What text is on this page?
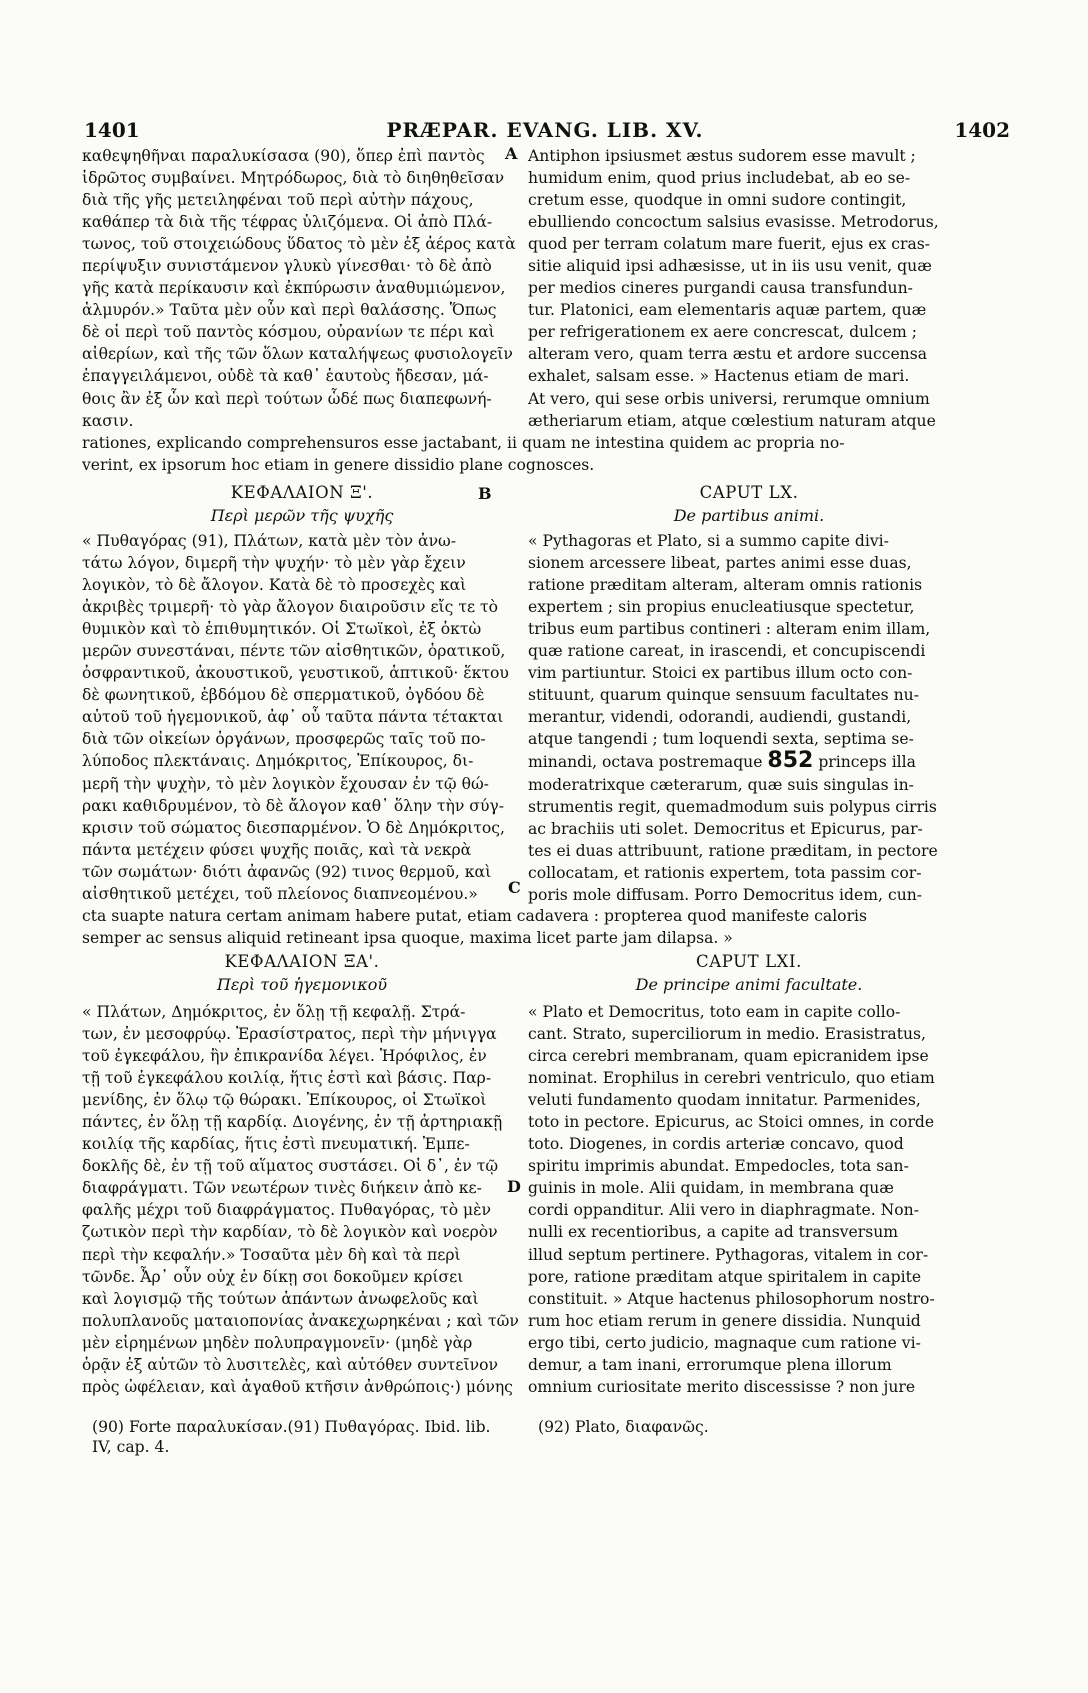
1401	PRÆPAR. EVANG. LIB. XV.	1402
A
B
C
D
καθεψηθῆναι παραλυκίσασα (90), ὅπερ ἐπὶ παντὸς
ἱδρῶτος συμβαίνει. Μητρόδωρος, διὰ τὸ διηθηθεῖσαν
διὰ τῆς γῆς μετειληφέναι τοῦ περὶ αὐτὴν πάχους,
καθάπερ τὰ διὰ τῆς τέφρας ὑλιζόμενα. Οἱ ἀπὸ Πλά-
τωνος, τοῦ στοιχειώδους ὕδατος τὸ μὲν ἐξ ἀέρος κατὰ
περίψυξιν συνιστάμενον γλυκὺ γίνεσθαι· τὸ δὲ ἀπὸ
γῆς κατὰ περίκαυσιν καὶ ἐκπύρωσιν ἀναθυμιώμενον,
ἁλμυρόν.» Ταῦτα μὲν οὖν καὶ περὶ θαλάσσης. Ὅπως
δὲ οἱ περὶ τοῦ παντὸς κόσμου, οὐρανίων τε πέρι καὶ
αἰθερίων, καὶ τῆς τῶν ὅλων καταλήψεως φυσιολογεῖν
ἐπαγγειλάμενοι, οὐδὲ τὰ καθ᾽ ἑαυτοὺς ἤδεσαν, μά-
θοις ἂν ἐξ ὧν καὶ περὶ τούτων ὧδέ πως διαπεφωνή-
κασιν.
Antiphon ipsiusmet æstus sudorem esse mavult ;
humidum enim, quod prius includebat, ab eo se-
cretum esse, quodque in omni sudore contingit,
ebulliendo concoctum salsius evasisse. Metrodorus,
quod per terram colatum mare fuerit, ejus ex cras-
sitie aliquid ipsi adhæsisse, ut in iis usu venit, quæ
per medios cineres purgandi causa transfundun-
tur. Platonici, eam elementaris aquæ partem, quæ
per refrigerationem ex aere concrescat, dulcem ;
alteram vero, quam terra æstu et ardore succensa
exhalet, salsam esse. » Hactenus etiam de mari.
At vero, qui sese orbis universi, rerumque omnium
ætheriarum etiam, atque cœlestium naturam atque
rationes, explicando comprehensuros esse jactabant, ii quam ne intestina quidem ac propria no-
verint, ex ipsorum hoc etiam in genere dissidio plane cognosces.
ΚΕΦΑΛΑΙΟΝ Ξ'.
Περὶ μερῶν τῆς ψυχῆς
CAPUT LX.
De partibus animi.
« Πυθαγόρας (91), Πλάτων, κατὰ μὲν τὸν ἀνω-
τάτω λόγον, διμερῆ τὴν ψυχήν· τὸ μὲν γὰρ ἔχειν
λογικὸν, τὸ δὲ ἄλογον. Κατὰ δὲ τὸ προσεχὲς καὶ
ἀκριβὲς τριμερῆ· τὸ γὰρ ἄλογον διαιροῦσιν εἴς τε τὸ
θυμικὸν καὶ τὸ ἐπιθυμητικόν. Οἱ Στωϊκοὶ, ἐξ ὀκτὼ
μερῶν συνεστάναι, πέντε τῶν αἰσθητικῶν, ὁρατικοῦ,
ὀσφραντικοῦ, ἀκουστικοῦ, γευστικοῦ, ἁπτικοῦ· ἕκτου
δὲ φωνητικοῦ, ἑβδόμου δὲ σπερματικοῦ, ὀγδόου δὲ
αὐτοῦ τοῦ ἡγεμονικοῦ, ἀφ᾽ οὗ ταῦτα πάντα τέτακται
διὰ τῶν οἰκείων ὀργάνων, προσφερῶς ταῖς τοῦ πο-
λύποδος πλεκτάναις. Δημόκριτος, Ἐπίκουρος, δι-
μερῆ τὴν ψυχὴν, τὸ μὲν λογικὸν ἔχουσαν ἐν τῷ θώ-
ρακι καθιδρυμένον, τὸ δὲ ἄλογον καθ᾽ ὅλην τὴν σύγ-
κρισιν τοῦ σώματος διεσπαρμένον. Ὁ δὲ Δημόκριτος,
πάντα μετέχειν φύσει ψυχῆς ποιᾶς, καὶ τὰ νεκρὰ
τῶν σωμάτων· διότι ἀφανῶς (92) τινος θερμοῦ, καὶ
αἰσθητικοῦ μετέχει, τοῦ πλείονος διαπνεομένου.»
« Pythagoras et Plato, si a summo capite divi-
sionem arcessere libeat, partes animi esse duas,
ratione præditam alteram, alteram omnis rationis
expertem ; sin propius enucleatiusque spectetur,
tribus eum partibus contineri : alteram enim illam,
quæ ratione careat, in irascendi, et concupiscendi
vim partiuntur. Stoici ex partibus illum octo con-
stituunt, quarum quinque sensuum facultates nu-
merantur, videndi, odorandi, audiendi, gustandi,
atque tangendi ; tum loquendi sexta, septima se-
minandi, octava postremaque 852 princeps illa
moderatrixque cæterarum, quæ suis singulas in-
strumentis regit, quemadmodum suis polypus cirris
ac brachiis uti solet. Democritus et Epicurus, par-
tes ei duas attribuunt, ratione præditam, in pectore
collocatam, et rationis expertem, tota passim cor-
poris mole diffusam. Porro Democritus idem, cun-
cta suapte natura certam animam habere putat, etiam cadavera : propterea quod manifeste caloris
semper ac sensus aliquid retineant ipsa quoque, maxima licet parte jam dilapsa. »
ΚΕΦΑΛΑΙΟΝ ΞΑ'.
Περὶ τοῦ ἡγεμονικοῦ
CAPUT LXI.
De principe animi facultate.
« Πλάτων, Δημόκριτος, ἐν ὅλῃ τῇ κεφαλῇ. Στρά-
των, ἐν μεσοφρύῳ. Ἐρασίστρατος, περὶ τὴν μήνιγγα
τοῦ ἐγκεφάλου, ἣν ἐπικρανίδα λέγει. Ἡρόφιλος, ἐν
τῇ τοῦ ἐγκεφάλου κοιλίᾳ, ἥτις ἐστὶ καὶ βάσις. Παρ-
μενίδης, ἐν ὅλῳ τῷ θώρακι. Ἐπίκουρος, οἱ Στωϊκοὶ
πάντες, ἐν ὅλῃ τῇ καρδίᾳ. Διογένης, ἐν τῇ ἀρτηριακῇ
κοιλίᾳ τῆς καρδίας, ἥτις ἐστὶ πνευματική. Ἐμπε-
δοκλῆς δὲ, ἐν τῇ τοῦ αἵματος συστάσει. Οἱ δ᾽, ἐν τῷ
διαφράγματι. Τῶν νεωτέρων τινὲς διήκειν ἀπὸ κε-
φαλῆς μέχρι τοῦ διαφράγματος. Πυθαγόρας, τὸ μὲν
ζωτικὸν περὶ τὴν καρδίαν, τὸ δὲ λογικὸν καὶ νοερὸν
περὶ τὴν κεφαλήν.» Τοσαῦτα μὲν δὴ καὶ τὰ περὶ
τῶνδε. Ἆρ᾽ οὖν οὐχ ἐν δίκῃ σοι δοκοῦμεν κρίσει
καὶ λογισμῷ τῆς τούτων ἁπάντων ἀνωφελοῦς καὶ
πολυπλανοῦς ματαιοπονίας ἀνακεχωρηκέναι ; καὶ τῶν
μὲν εἰρημένων μηδὲν πολυπραγμονεῖν· (μηδὲ γὰρ
ὁρᾷν ἐξ αὐτῶν τὸ λυσιτελὲς, καὶ αὐτόθεν συντεῖνον
πρὸς ὠφέλειαν, καὶ ἀγαθοῦ κτῆσιν ἀνθρώποις·) μόνης
« Plato et Democritus, toto eam in capite collo-
cant. Strato, superciliorum in medio. Erasistratus,
circa cerebri membranam, quam epicranidem ipse
nominat. Erophilus in cerebri ventriculo, quo etiam
veluti fundamento quodam innitatur. Parmenides,
toto in pectore. Epicurus, ac Stoici omnes, in corde
toto. Diogenes, in cordis arteriæ concavo, quod
spiritu imprimis abundat. Empedocles, tota san-
guinis in mole. Alii quidam, in membrana quæ
cordi oppanditur. Alii vero in diaphragmate. Non-
nulli ex recentioribus, a capite ad transversum
illud septum pertinere. Pythagoras, vitalem in cor-
pore, ratione præditam atque spiritalem in capite
constituit. » Atque hactenus philosophorum nostro-
rum hoc etiam rerum in genere dissidia. Nunquid
ergo tibi, certo judicio, magnaque cum ratione vi-
demur, a tam inani, errorumque plena illorum
omnium curiositate merito discessisse ? non jure
(90) Forte παραλυκίσαν.(91) Πυθαγόρας. Ibid. lib. IV, cap. 4.
(92) Plato, διαφανῶς.
